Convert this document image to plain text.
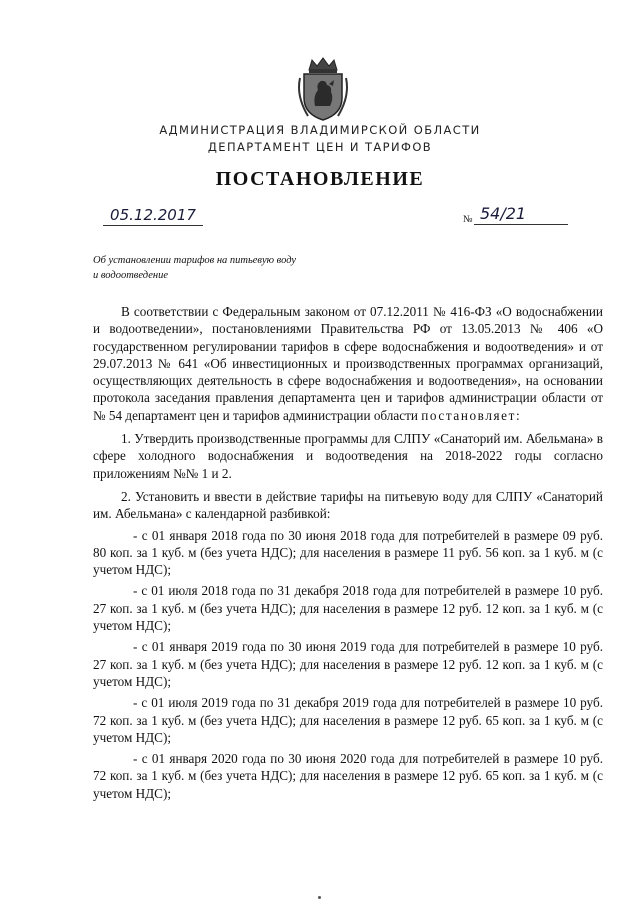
АДМИНИСТРАЦИЯ ВЛАДИМИРСКОЙ ОБЛАСТИ
ДЕПАРТАМЕНТ ЦЕН И ТАРИФОВ
ПОСТАНОВЛЕНИЕ
05.12.2017	№ 54/21
Об установлении тарифов на питьевую воду
и водоотведение

В соответствии с Федеральным законом от 07.12.2011 № 416-ФЗ «О водоснабжении и водоотведении», постановлениями Правительства РФ от 13.05.2013 № 406 «О государственном регулировании тарифов в сфере водоснабжения и водоотведения» и от 29.07.2013 № 641 «Об инвестиционных и производственных программах организаций, осуществляющих деятельность в сфере водоснабжения и водоотведения», на основании протокола заседания правления департамента цен и тарифов администрации области от № 54 департамент цен и тарифов администрации области постановляет:

1. Утвердить производственные программы для СЛПУ «Санаторий им. Абельмана» в сфере холодного водоснабжения и водоотведения на 2018-2022 годы согласно приложениям №№ 1 и 2.

2. Установить и ввести в действие тарифы на питьевую воду для СЛПУ «Санаторий им. Абельмана» с календарной разбивкой:

- с 01 января 2018 года по 30 июня 2018 года для потребителей в размере 09 руб. 80 коп. за 1 куб. м (без учета НДС); для населения в размере 11 руб. 56 коп. за 1 куб. м (с учетом НДС);

- с 01 июля 2018 года по 31 декабря 2018 года для потребителей в размере 10 руб. 27 коп. за 1 куб. м (без учета НДС); для населения в размере 12 руб. 12 коп. за 1 куб. м (с учетом НДС);

- с 01 января 2019 года по 30 июня 2019 года для потребителей в размере 10 руб. 27 коп. за 1 куб. м (без учета НДС); для населения в размере 12 руб. 12 коп. за 1 куб. м (с учетом НДС);

- с 01 июля 2019 года по 31 декабря 2019 года для потребителей в размере 10 руб. 72 коп. за 1 куб. м (без учета НДС); для населения в размере 12 руб. 65 коп. за 1 куб. м (с учетом НДС);

- с 01 января 2020 года по 30 июня 2020 года для потребителей в размере 10 руб. 72 коп. за 1 куб. м (без учета НДС); для населения в размере 12 руб. 65 коп. за 1 куб. м (с учетом НДС);
